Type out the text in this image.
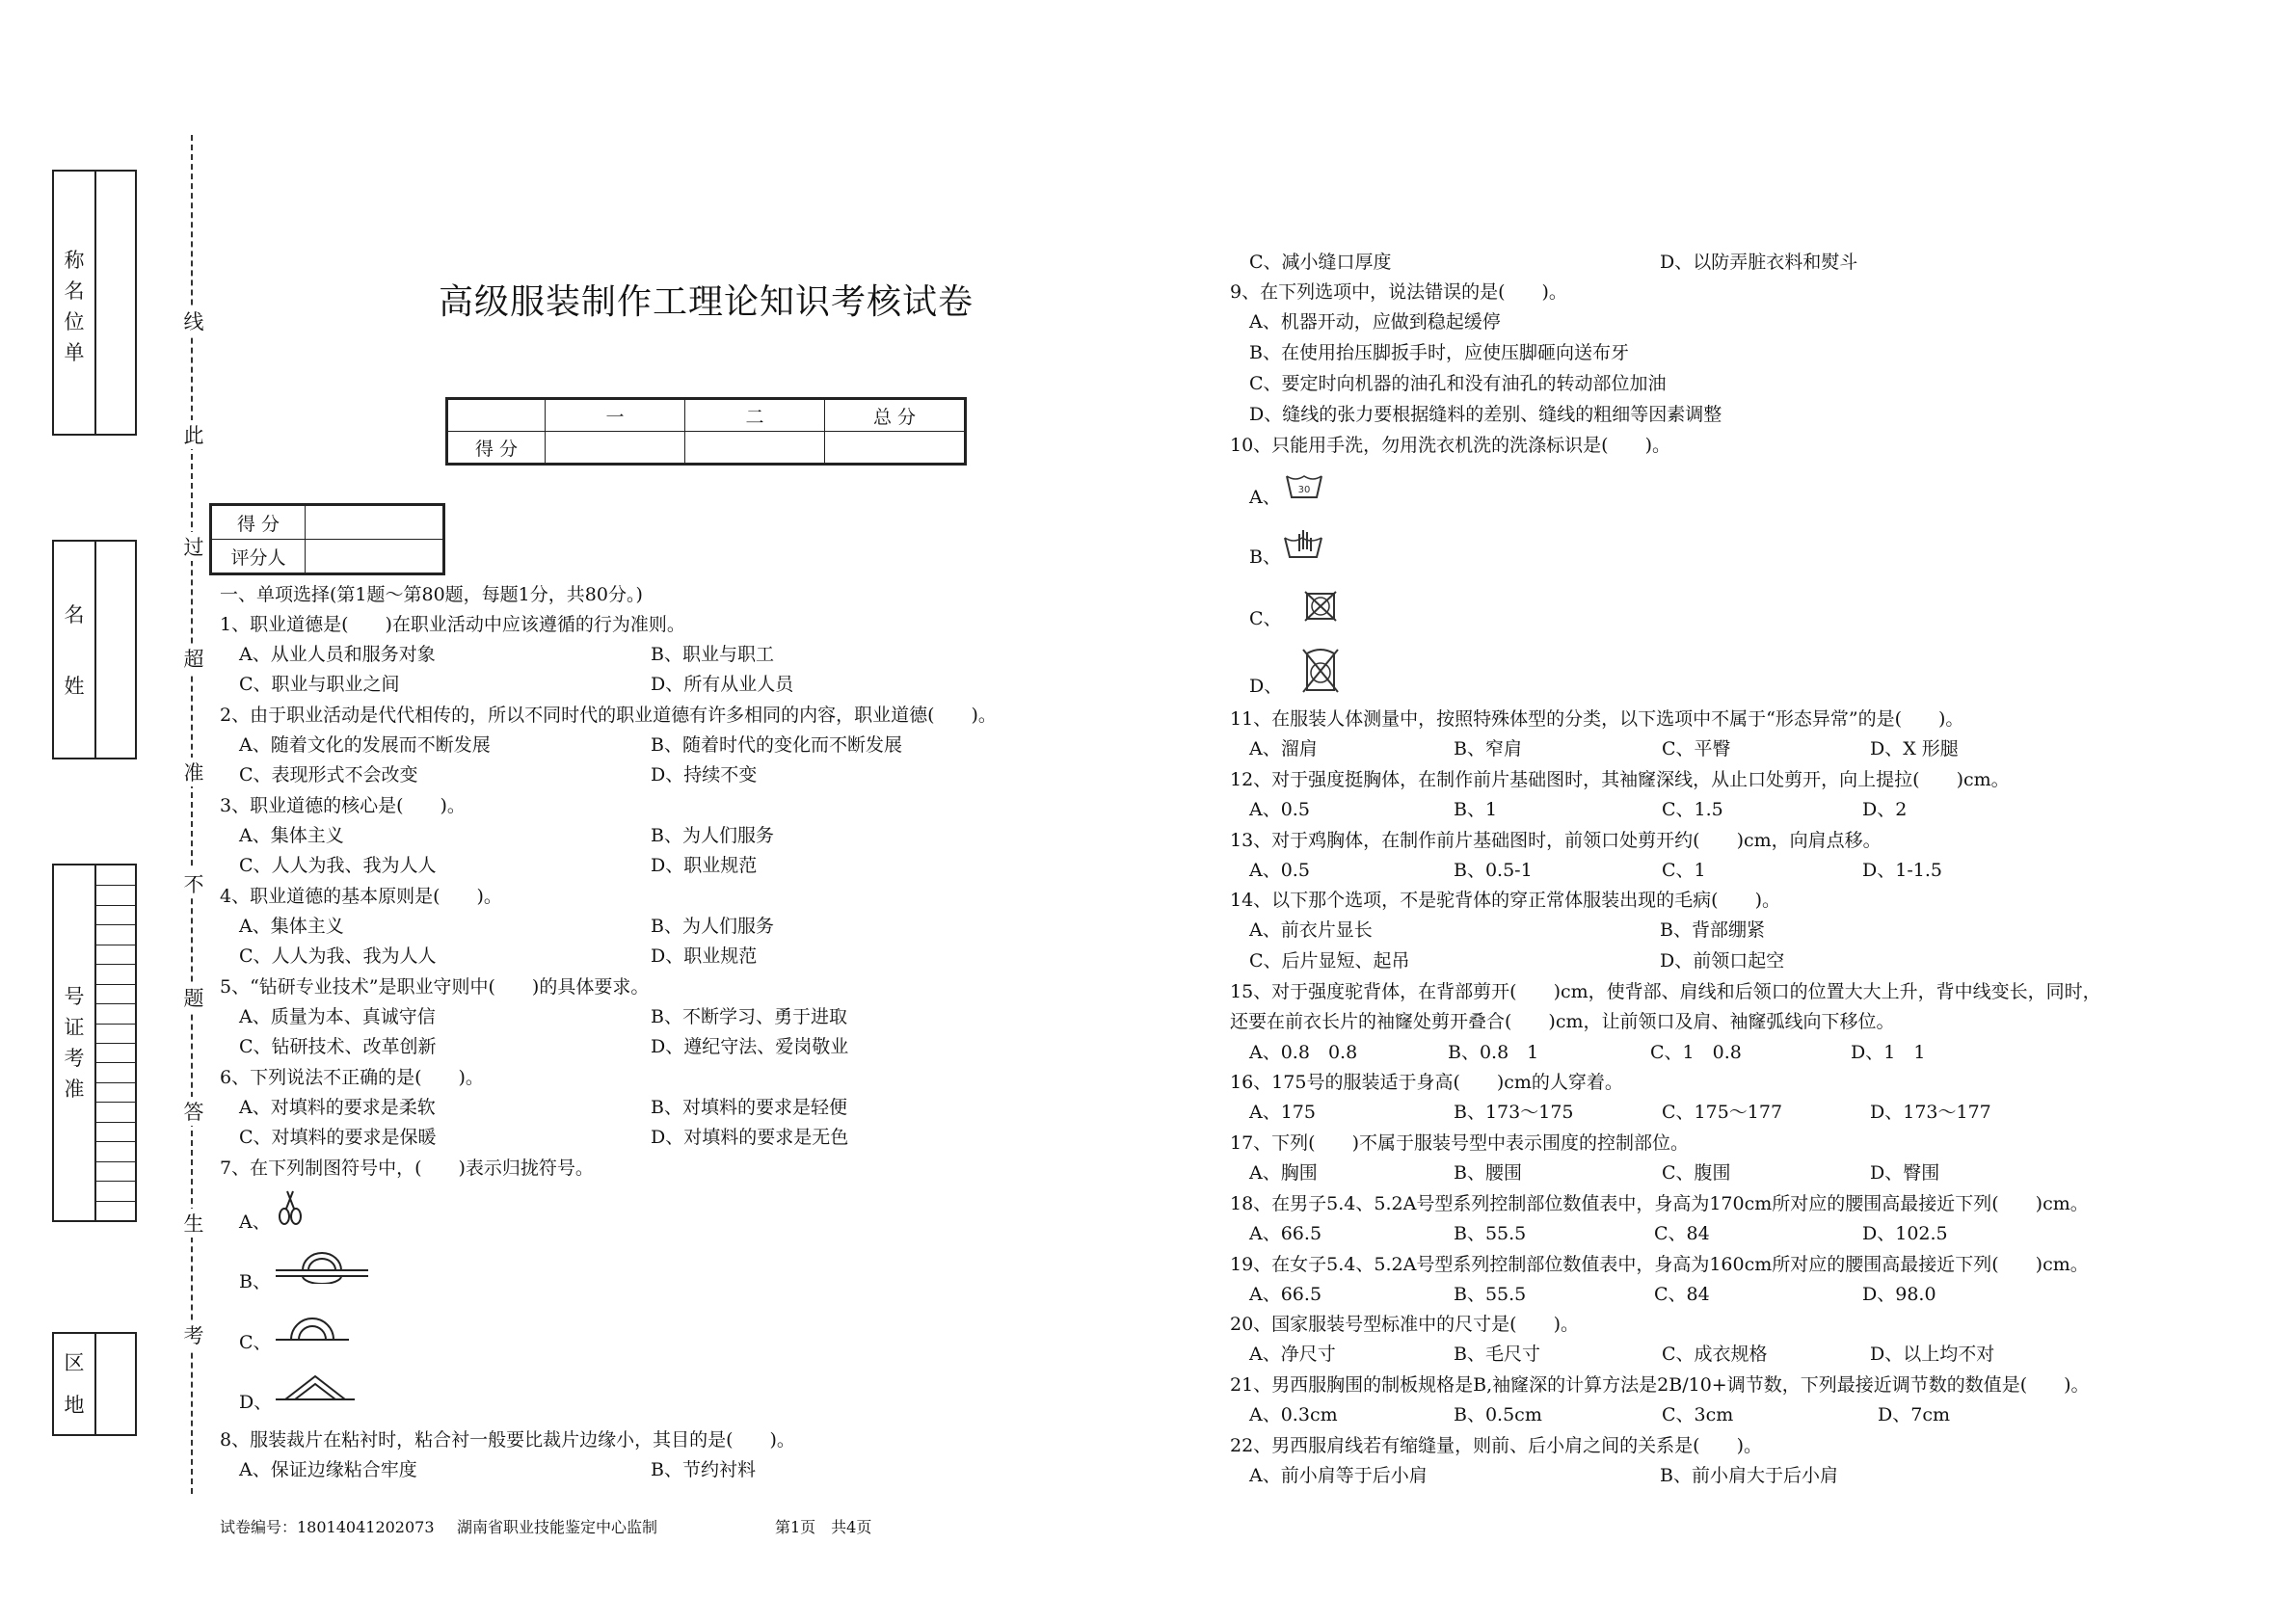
称名位单
名
姓
号证考准
区
地
线
此
过
超
准
不
题
答
生
考
高级服装制作工理论知识考核试卷
	一	二	总 分
得 分			
得 分	
评分人	
一、单项选择(第1题～第80题，每题1分，共80分。)
1、职业道德是(　　)在职业活动中应该遵循的行为准则。
A、从业人员和服务对象	B、职业与职工
C、职业与职业之间	D、所有从业人员
2、由于职业活动是代代相传的，所以不同时代的职业道德有许多相同的内容，职业道德(　　)。
A、随着文化的发展而不断发展	B、随着时代的变化而不断发展
C、表现形式不会改变	D、持续不变
3、职业道德的核心是(　　)。
A、集体主义	B、为人们服务
C、人人为我、我为人人	D、职业规范
4、职业道德的基本原则是(　　)。
A、集体主义	B、为人们服务
C、人人为我、我为人人	D、职业规范
5、“钻研专业技术”是职业守则中(　　)的具体要求。
A、质量为本、真诚守信	B、不断学习、勇于进取
C、钻研技术、改革创新	D、遵纪守法、爱岗敬业
6、下列说法不正确的是(　　)。
A、对填料的要求是柔软	B、对填料的要求是轻便
C、对填料的要求是保暖	D、对填料的要求是无色
7、在下列制图符号中，(　　)表示归拢符号。
A、
B、
C、
D、
8、服装裁片在粘衬时，粘合衬一般要比裁片边缘小，其目的是(　　)。
A、保证边缘粘合牢度	B、节约衬料
C、减小缝口厚度	D、以防弄脏衣料和熨斗
9、在下列选项中，说法错误的是(　　)。
A、机器开动，应做到稳起缓停
B、在使用抬压脚扳手时，应使压脚砸向送布牙
C、要定时向机器的油孔和没有油孔的转动部位加油
D、缝线的张力要根据缝料的差别、缝线的粗细等因素调整
10、只能用手洗，勿用洗衣机洗的洗涤标识是(　　)。
A、 30
B、
C、
D、
11、在服装人体测量中，按照特殊体型的分类，以下选项中不属于“形态异常”的是(　　)。
A、溜肩	B、窄肩	C、平臀	D、X 形腿
12、对于强度挺胸体，在制作前片基础图时，其袖窿深线，从止口处剪开，向上提拉(　　)cm。
A、0.5	B、1	C、1.5	D、2
13、对于鸡胸体，在制作前片基础图时，前领口处剪开约(　　)cm，向肩点移。
A、0.5	B、0.5-1	C、1	D、1-1.5
14、以下那个选项，不是驼背体的穿正常体服装出现的毛病(　　)。
A、前衣片显长	B、背部绷紧
C、后片显短、起吊	D、前领口起空
15、对于强度驼背体，在背部剪开(　　)cm，使背部、肩线和后领口的位置大大上升，背中线变长，同时，
还要在前衣长片的袖窿处剪开叠合(　　)cm，让前领口及肩、袖窿弧线向下移位。
A、0.8　0.8	B、0.8　1	C、1　0.8	D、1　1
16、175号的服装适于身高(　　)cm的人穿着。
A、175	B、173～175	C、175～177	D、173～177
17、下列(　　)不属于服装号型中表示围度的控制部位。
A、胸围	B、腰围	C、腹围	D、臀围
18、在男子5.4、5.2A号型系列控制部位数值表中，身高为170cm所对应的腰围高最接近下列(　　)cm。
A、66.5	B、55.5	C、84	D、102.5
19、在女子5.4、5.2A号型系列控制部位数值表中，身高为160cm所对应的腰围高最接近下列(　　)cm。
A、66.5	B、55.5	C、84	D、98.0
20、国家服装号型标准中的尺寸是(　　)。
A、净尺寸	B、毛尺寸	C、成衣规格	D、以上均不对
21、男西服胸围的制板规格是B,袖窿深的计算方法是2B/10+调节数，下列最接近调节数的数值是(　　)。
A、0.3cm	B、0.5cm	C、3cm	D、7cm
22、男西服肩线若有缩缝量，则前、后小肩之间的关系是(　　)。
A、前小肩等于后小肩	B、前小肩大于后小肩
试卷编号：18014041202073 湖南省职业技能鉴定中心监制	第1页　共4页
